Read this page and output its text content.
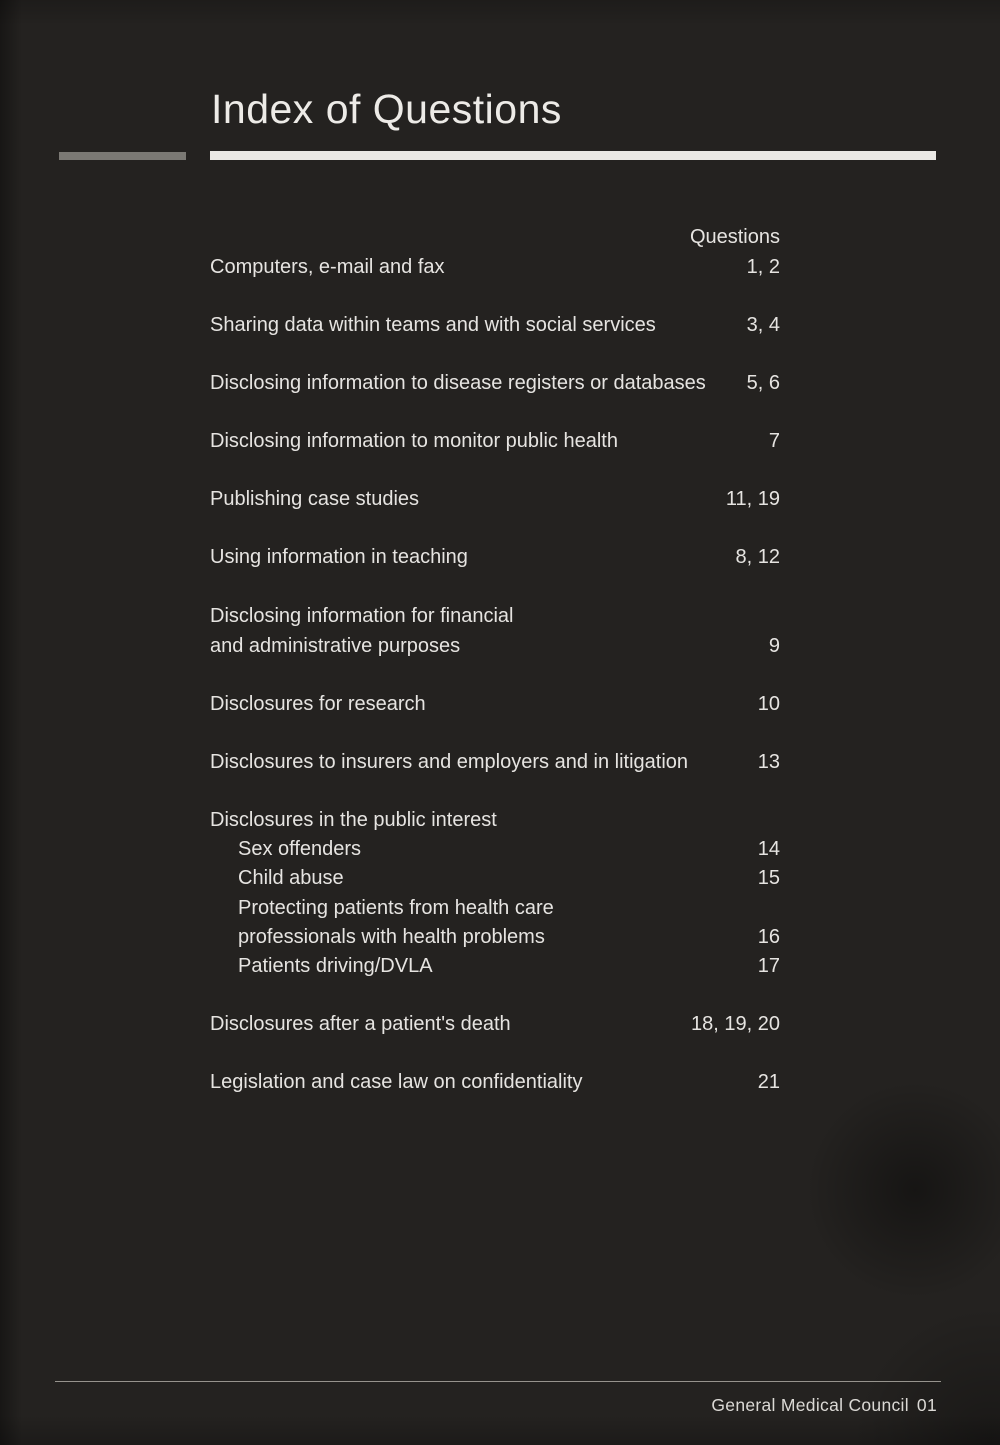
Index of Questions
Questions
Computers, e-mail and fax	1, 2
Sharing data within teams and with social services	3, 4
Disclosing information to disease registers or databases 5, 6
Disclosing information to monitor public health	7
Publishing case studies	11, 19
Using information in teaching	8, 12
Disclosing information for financial
and administrative purposes	9
Disclosures for research	10
Disclosures to insurers and employers and in litigation	13
Disclosures in the public interest
Sex offenders	14
Child abuse	15
Protecting patients from health care
professionals with health problems	16
Patients driving/DVLA	17
Disclosures after a patient's death	18, 19, 20
Legislation and case law on confidentiality	21
General Medical Council 01
